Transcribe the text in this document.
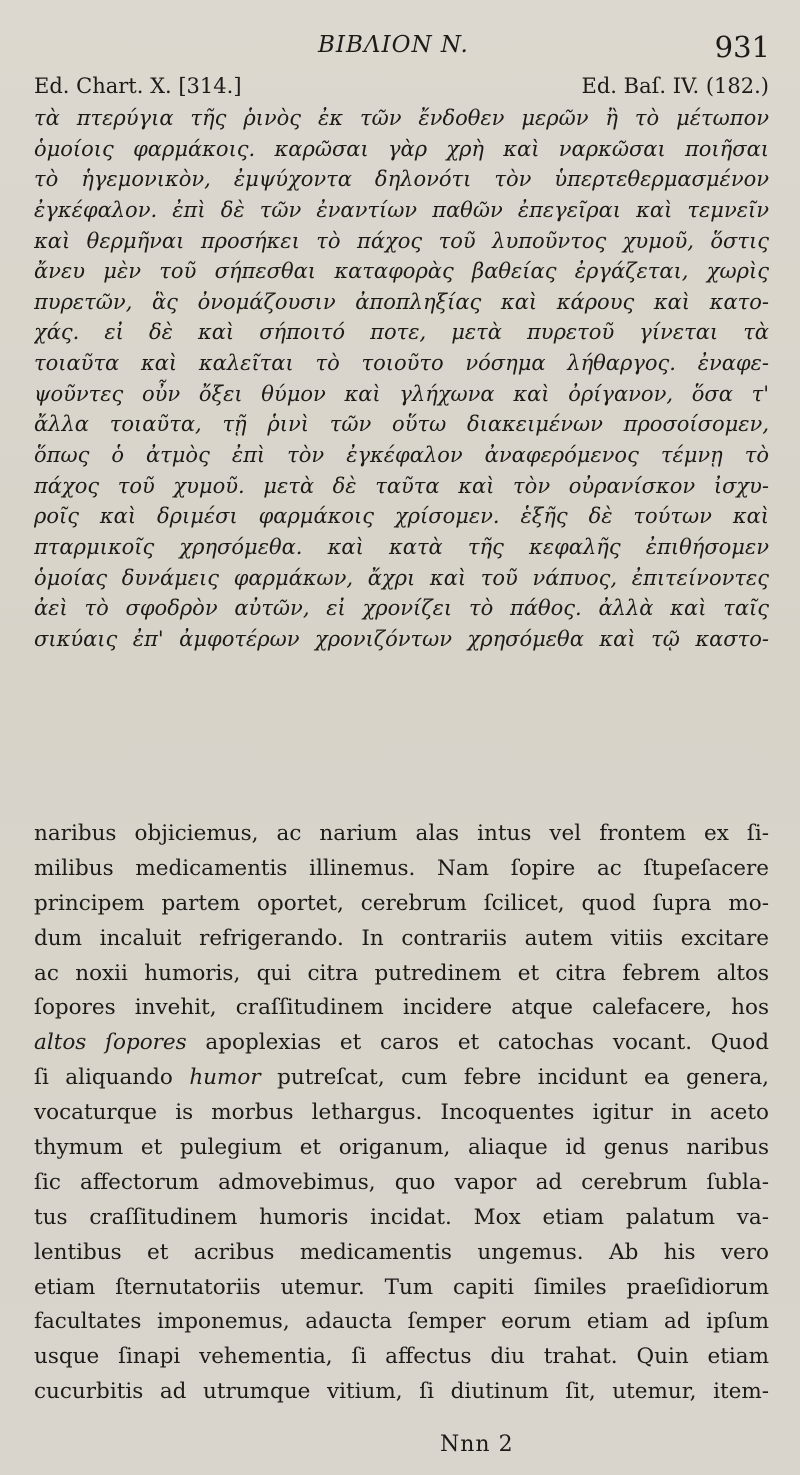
BIBΛION N.	931
Ed. Chart. X. [314.]	Ed. Baſ. IV. (182.)
τὰ πτερύγια τῆς ῥινὸς ἐκ τῶν ἔνδοθεν μερῶν ἢ τὸ μέτωπον
ὁμοίοις φαρμάκοις. καρῶσαι γὰρ χρὴ καὶ ναρκῶσαι ποιῆσαι
τὸ ἡγεμονικὸν, ἐμψύχοντα δηλονότι τὸν ὑπερτεθερμασμένον
ἐγκέφαλον. ἐπὶ δὲ τῶν ἐναντίων παθῶν ἐπεγεῖραι καὶ τεμνεῖν
καὶ θερμῆναι προσήκει τὸ πάχος τοῦ λυποῦντος χυμοῦ, ὅστις
ἄνευ μὲν τοῦ σήπεσθαι καταφορὰς βαθείας ἐργάζεται, χωρὶς
πυρετῶν, ἃς ὀνομάζουσιν ἀποπληξίας καὶ κάρους καὶ κατο-
χάς. εἰ δὲ καὶ σήποιτό ποτε, μετὰ πυρετοῦ γίνεται τὰ
τοιαῦτα καὶ καλεῖται τὸ τοιοῦτο νόσημα λήθαργος. ἐναφε-
ψοῦντες οὖν ὄξει θύμον καὶ γλήχωνα καὶ ὀρίγανον, ὅσα τ'
ἄλλα τοιαῦτα, τῇ ῥινὶ τῶν οὕτω διακειμένων προσοίσομεν,
ὅπως ὁ ἀτμὸς ἐπὶ τὸν ἐγκέφαλον ἀναφερόμενος τέμνῃ τὸ
πάχος τοῦ χυμοῦ. μετὰ δὲ ταῦτα καὶ τὸν οὐρανίσκον ἰσχυ-
ροῖς καὶ δριμέσι φαρμάκοις χρίσομεν. ἑξῆς δὲ τούτων καὶ
πταρμικοῖς χρησόμεθα. καὶ κατὰ τῆς κεφαλῆς ἐπιθήσομεν
ὁμοίας δυνάμεις φαρμάκων, ἄχρι καὶ τοῦ νάπυος, ἐπιτείνοντες
ἀεὶ τὸ σφοδρὸν αὐτῶν, εἰ χρονίζει τὸ πάθος. ἀλλὰ καὶ ταῖς
σικύαις ἐπ' ἀμφοτέρων χρονιζόντων χρησόμεθα καὶ τῷ καστο-
naribus objiciemus, ac narium alas intus vel frontem ex ſi-
milibus medicamentis illinemus. Nam ſopire ac ſtupeſacere
principem partem oportet, cerebrum ſcilicet, quod ſupra mo-
dum incaluit refrigerando. In contrariis autem vitiis excitare
ac noxii humoris, qui citra putredinem et citra febrem altos
ſopores invehit, craſſitudinem incidere atque calefacere, hos
altos ſopores apoplexias et caros et catochas vocant. Quod
ſi aliquando humor putreſcat, cum febre incidunt ea genera,
vocaturque is morbus lethargus. Incoquentes igitur in aceto
thymum et pulegium et origanum, aliaque id genus naribus
ſic affectorum admovebimus, quo vapor ad cerebrum ſubla-
tus craſſitudinem humoris incidat. Mox etiam palatum va-
lentibus et acribus medicamentis ungemus. Ab his vero
etiam ſternutatoriis utemur. Tum capiti ſimiles praeſidiorum
facultates imponemus, adaucta ſemper eorum etiam ad ipſum
usque ſinapi vehementia, ſi affectus diu trahat. Quin etiam
cucurbitis ad utrumque vitium, ſi diutinum ſit, utemur, item-
Nnn 2
